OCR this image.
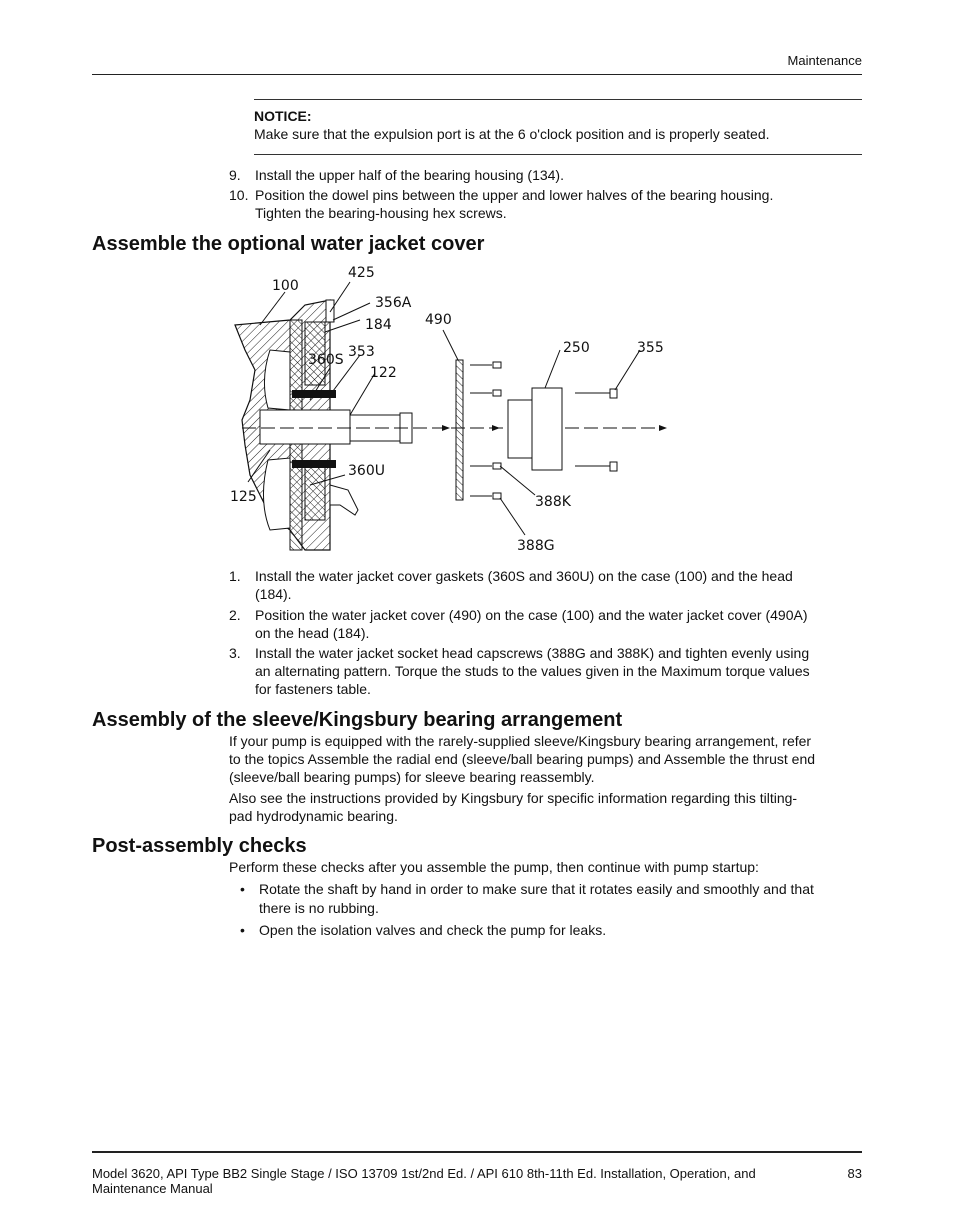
Maintenance
NOTICE:
Make sure that the expulsion port is at the 6 o'clock position and is properly seated.
9. Install the upper half of the bearing housing (134).
10. Position the dowel pins between the upper and lower halves of the bearing housing.
Tighten the bearing-housing hex screws.
Assemble the optional water jacket cover
425
100
356A
184 490
353
360S
122
250	355
360U
125	388K
388G
1. Install the water jacket cover gaskets (360S and 360U) on the case (100) and the head
(184).
2. Position the water jacket cover (490) on the case (100) and the water jacket cover (490A)
on the head (184).
3. Install the water jacket socket head capscrews (388G and 388K) and tighten evenly using
an alternating pattern. Torque the studs to the values given in the Maximum torque values
for fasteners table.
Assembly of the sleeve/Kingsbury bearing arrangement
If your pump is equipped with the rarely-supplied sleeve/Kingsbury bearing arrangement, refer
to the topics Assemble the radial end (sleeve/ball bearing pumps) and Assemble the thrust end
(sleeve/ball bearing pumps) for sleeve bearing reassembly.
Also see the instructions provided by Kingsbury for specific information regarding this tilting-
pad hydrodynamic bearing.
Post-assembly checks
Perform these checks after you assemble the pump, then continue with pump startup:
• Rotate the shaft by hand in order to make sure that it rotates easily and smoothly and that
there is no rubbing.
• Open the isolation valves and check the pump for leaks.
Model 3620, API Type BB2 Single Stage / ISO 13709 1st/2nd Ed. / API 610 8th-11th Ed. Installation, Operation, and
Maintenance Manual
83
